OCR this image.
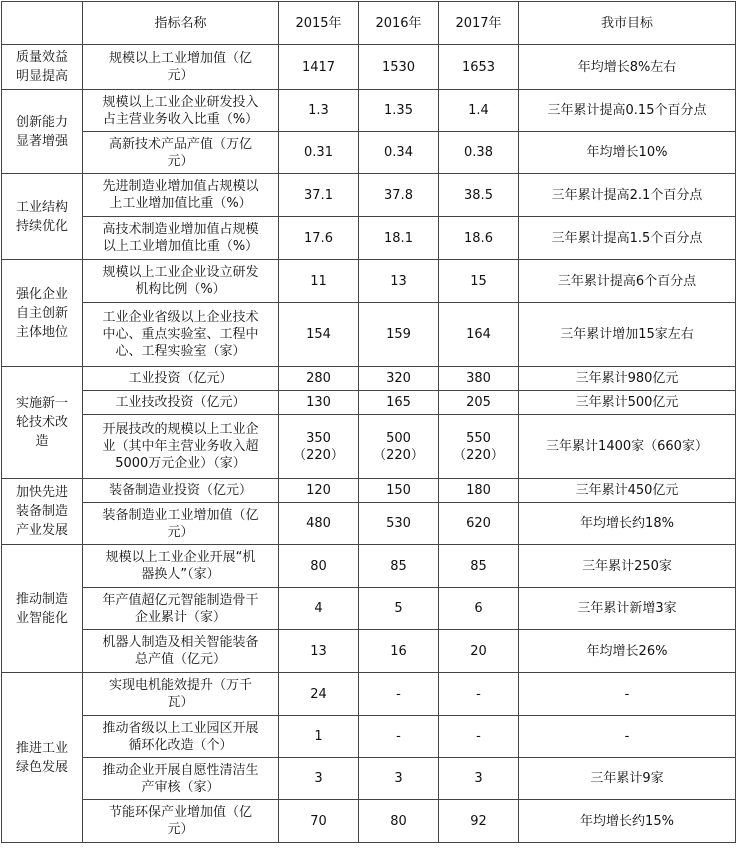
	指标名称	2015年	2016年	2017年	我市目标
质量效益
明显提高	规模以上工业增加值（亿
元）	1417	1530	1653	年均增长8%左右
创新能力
显著增强	规模以上工业企业研发投入
占主营业务收入比重（%）	1.3	1.35	1.4	三年累计提高0.15个百分点
	高新技术产品产值（万亿
元）	0.31	0.34	0.38	年均增长10%
工业结构
持续优化	先进制造业增加值占规模以
上工业增加值比重（%）	37.1	37.8	38.5	三年累计提高2.1个百分点
	高技术制造业增加值占规模
以上工业增加值比重（%）	17.6	18.1	18.6	三年累计提高1.5个百分点
强化企业
自主创新
主体地位	规模以上工业企业设立研发
机构比例（%）	11	13	15	三年累计提高6个百分点
	工业企业省级以上企业技术
中心、重点实验室、工程中
心、工程实验室（家）	154	159	164	三年累计增加15家左右
实施新一
轮技术改
造	工业投资（亿元）	280	320	380	三年累计980亿元
	工业技改投资（亿元）	130	165	205	三年累计500亿元
	开展技改的规模以上工业企
业（其中年主营业务收入超
5000万元企业）（家）	350
（220）	500
（220）	550
（220）	三年累计1400家（660家）
加快先进
装备制造
产业发展	装备制造业投资（亿元）	120	150	180	三年累计450亿元
	装备制造业工业增加值（亿
元）	480	530	620	年均增长约18%
推动制造
业智能化	规模以上工业企业开展“机
器换人”（家）	80	85	85	三年累计250家
	年产值超亿元智能制造骨干
企业累计（家）	4	5	6	三年累计新增3家
	机器人制造及相关智能装备
总产值（亿元）	13	16	20	年均增长26%
推进工业
绿色发展	实现电机能效提升（万千
瓦）	24	-	-	-
	推动省级以上工业园区开展
循环化改造（个）	1	-	-	-
	推动企业开展自愿性清洁生
产审核（家）	3	3	3	三年累计9家
	节能环保产业增加值（亿
元）	70	80	92	年均增长约15%
